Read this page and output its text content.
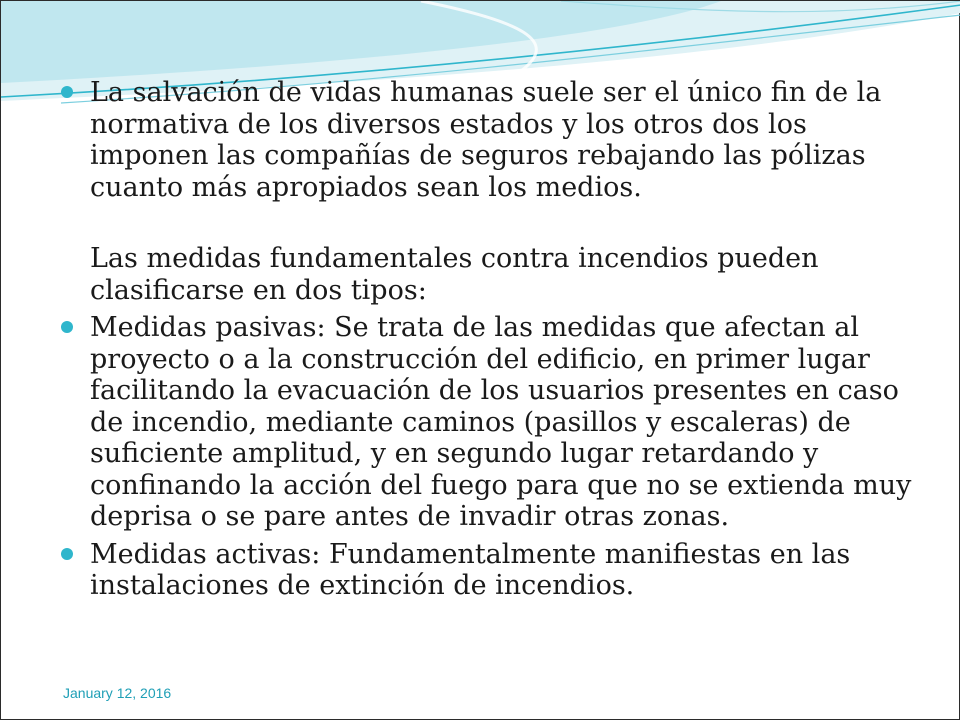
La salvación de vidas humanas suele ser el único fin de la normativa de los diversos estados y los otros dos los imponen las compañías de seguros rebajando las pólizas cuanto más apropiados sean los medios.
Las medidas fundamentales contra incendios pueden clasificarse en dos tipos:
Medidas pasivas: Se trata de las medidas que afectan al proyecto o a la construcción del edificio, en primer lugar facilitando la evacuación de los usuarios presentes en caso de incendio, mediante caminos (pasillos y escaleras) de suficiente amplitud, y en segundo lugar retardando y confinando la acción del fuego para que no se extienda muy deprisa o se pare antes de invadir otras zonas.
Medidas activas: Fundamentalmente manifiestas en las instalaciones de extinción de incendios.
January 12, 2016
